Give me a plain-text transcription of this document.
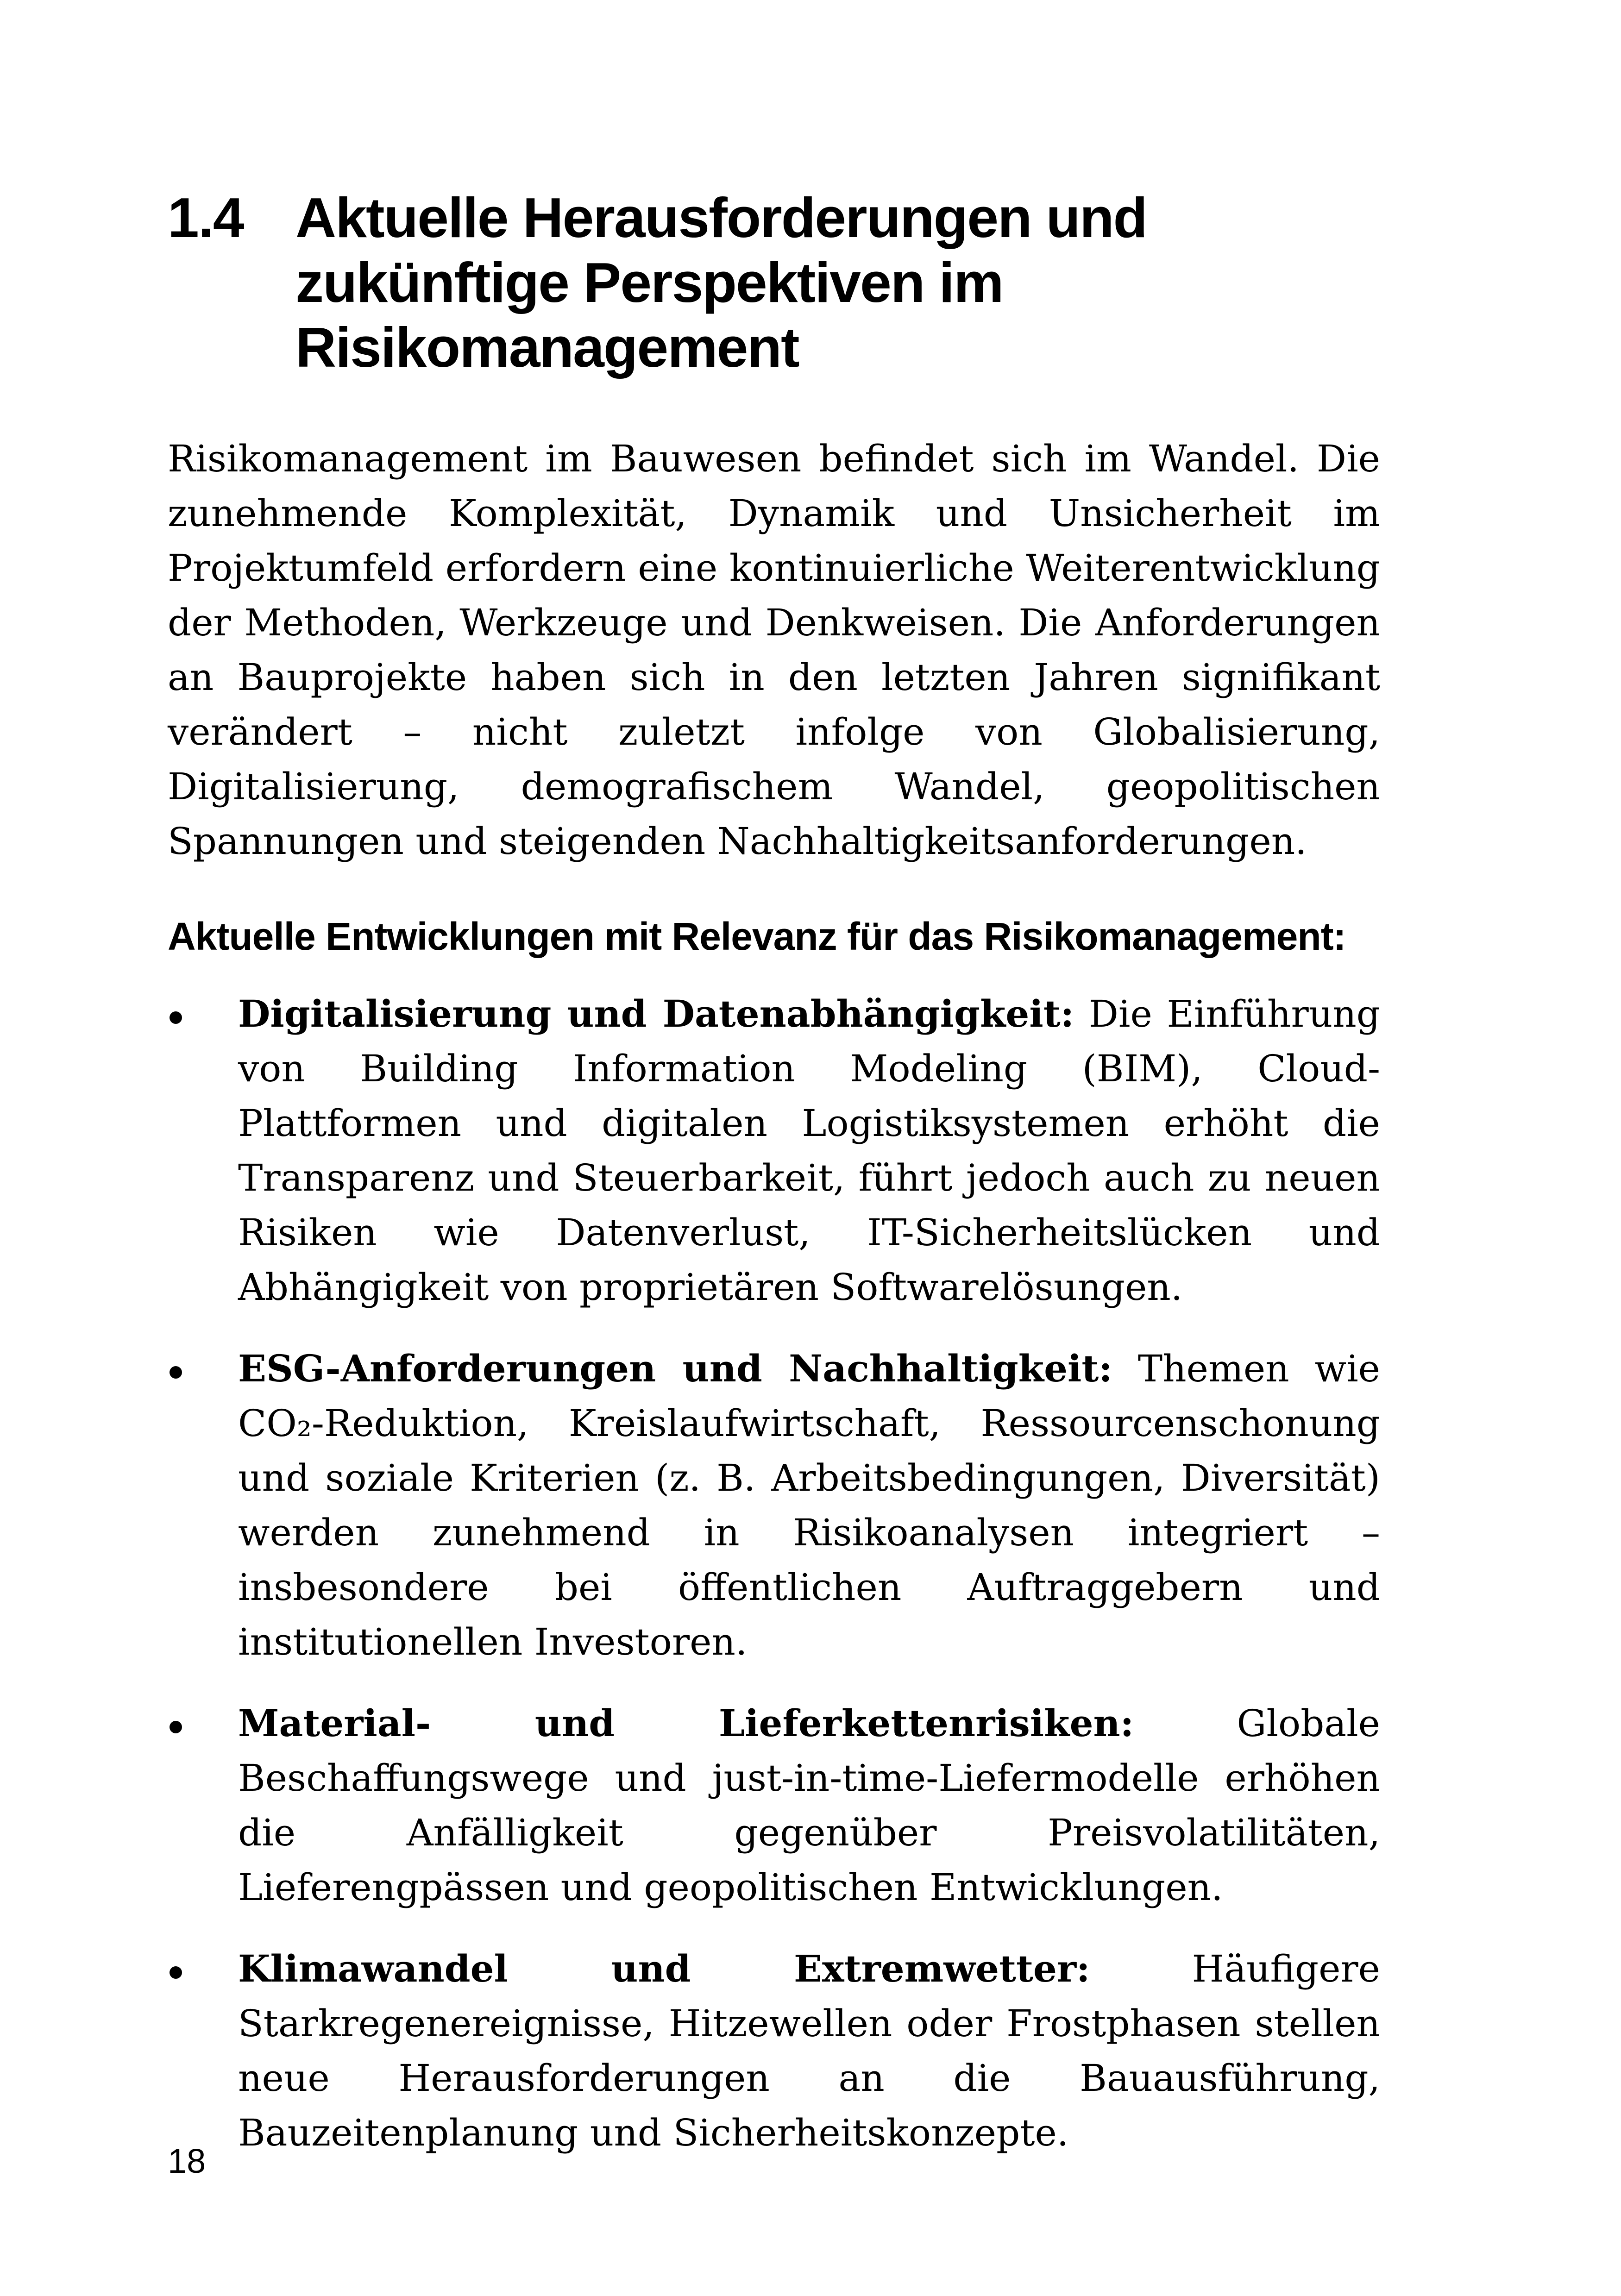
1.4 Aktuelle Herausforderungen und zukünftige Perspektiven im Risikomanagement

Risikomanagement im Bauwesen befindet sich im Wandel. Die zunehmende Komplexität, Dynamik und Unsicherheit im Projektumfeld erfordern eine kontinuierliche Weiterentwicklung der Methoden, Werkzeuge und Denkweisen. Die Anforderungen an Bauprojekte haben sich in den letzten Jahren signifikant verändert – nicht zuletzt infolge von Globalisierung, Digitalisierung, demografischem Wandel, geopolitischen Spannungen und steigenden Nachhaltigkeitsanforderungen.

Aktuelle Entwicklungen mit Relevanz für das Risikomanagement:
Digitalisierung und Datenabhängigkeit: Die Einführung von Building Information Modeling (BIM), Cloud-Plattformen und digitalen Logistiksystemen erhöht die Transparenz und Steuerbarkeit, führt jedoch auch zu neuen Risiken wie Datenverlust, IT-Sicherheitslücken und Abhängigkeit von proprietären Softwarelösungen.
ESG-Anforderungen und Nachhaltigkeit: Themen wie CO₂-Reduktion, Kreislaufwirtschaft, Ressourcenschonung und soziale Kriterien (z. B. Arbeitsbedingungen, Diversität) werden zunehmend in Risikoanalysen integriert – insbesondere bei öffentlichen Auftraggebern und institutionellen Investoren.
Material- und Lieferkettenrisiken:	Globale Beschaffungswege und just-in-time-Liefermodelle erhöhen die Anfälligkeit gegenüber Preisvolatilitäten, Lieferengpässen und geopolitischen Entwicklungen.
Klimawandel und Extremwetter:	Häufigere Starkregenereignisse, Hitzewellen oder Frostphasen stellen neue Herausforderungen an die Bauausführung, Bauzeitenplanung und Sicherheitskonzepte.
18
